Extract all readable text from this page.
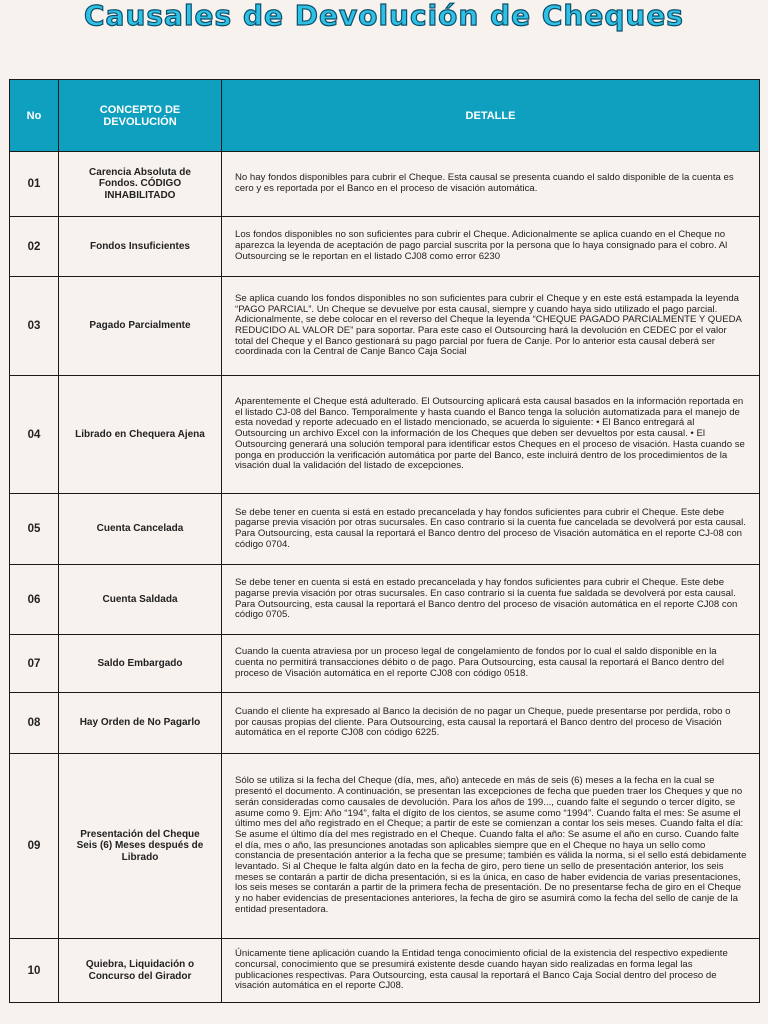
Causales de Devolución de Cheques
No	CONCEPTO DE DEVOLUCIÓN	DETALLE
01	Carencia Absoluta de Fondos. CÓDIGO INHABILITADO	No hay fondos disponibles para cubrir el Cheque. Esta causal se presenta cuando el saldo disponible de la cuenta es cero y es reportada por el Banco en el proceso de visación automática.
02	Fondos Insuficientes	Los fondos disponibles no son suficientes para cubrir el Cheque. Adicionalmente se aplica cuando en el Cheque no aparezca la leyenda de aceptación de pago parcial suscrita por la persona que lo haya consignado para el cobro. Al Outsourcing se le reportan en el listado CJ08 como error 6230
03	Pagado Parcialmente	Se aplica cuando los fondos disponibles no son suficientes para cubrir el Cheque y en este está estampada la leyenda “PAGO PARCIAL”. Un Cheque se devuelve por esta causal, siempre y cuando haya sido utilizado el pago parcial. Adicionalmente, se debe colocar en el reverso del Cheque la leyenda “CHEQUE PAGADO PARCIALMENTE Y QUEDA REDUCIDO AL VALOR DE” para soportar. Para este caso el Outsourcing hará la devolución en CEDEC por el valor total del Cheque y el Banco gestionará su pago parcial por fuera de Canje. Por lo anterior esta causal deberá ser coordinada con la Central de Canje Banco Caja Social
04	Librado en Chequera Ajena	Aparentemente el Cheque está adulterado. El Outsourcing aplicará esta causal basados en la información reportada en el listado CJ-08 del Banco. Temporalmente y hasta cuando el Banco tenga la solución automatizada para el manejo de esta novedad y reporte adecuado en el listado mencionado, se acuerda lo siguiente: • El Banco entregará al Outsourcing un archivo Excel con la información de los Cheques que deben ser devueltos por esta causal. • El Outsourcing generará una solución temporal para identificar estos Cheques en el proceso de visación. Hasta cuando se ponga en producción la verificación automática por parte del Banco, este incluirá dentro de los procedimientos de la visación dual la validación del listado de excepciones.
05	Cuenta Cancelada	Se debe tener en cuenta si está en estado precancelada y hay fondos suficientes para cubrir el Cheque. Este debe pagarse previa visación por otras sucursales. En caso contrario si la cuenta fue cancelada se devolverá por esta causal. Para Outsourcing, esta causal la reportará el Banco dentro del proceso de Visación automática en el reporte CJ-08 con código 0704.
06	Cuenta Saldada	Se debe tener en cuenta si está en estado precancelada y hay fondos suficientes para cubrir el Cheque. Este debe pagarse previa visación por otras sucursales. En caso contrario si la cuenta fue saldada se devolverá por esta causal. Para Outsourcing, esta causal la reportará el Banco dentro del proceso de visación automática en el reporte CJ08 con código 0705.
07	Saldo Embargado	Cuando la cuenta atraviesa por un proceso legal de congelamiento de fondos por lo cual el saldo disponible en la cuenta no permitirá transacciones débito o de pago. Para Outsourcing, esta causal la reportará el Banco dentro del proceso de Visación automática en el reporte CJ08 con código 0518.
08	Hay Orden de No Pagarlo	Cuando el cliente ha expresado al Banco la decisión de no pagar un Cheque, puede presentarse por perdida, robo o por causas propias del cliente. Para Outsourcing, esta causal la reportará el Banco dentro del proceso de Visación automática en el reporte CJ08 con código 6225.
09	Presentación del Cheque Seis (6) Meses después de Librado	Sólo se utiliza si la fecha del Cheque (día, mes, año) antecede en más de seis (6) meses a la fecha en la cual se presentó el documento. A continuación, se presentan las excepciones de fecha que pueden traer los Cheques y que no serán consideradas como causales de devolución. Para los años de 199..., cuando falte el segundo o tercer dígito, se asume como 9. Ejm: Año “194”, falta el dígito de los cientos, se asume como “1994”. Cuando falta el mes: Se asume el último mes del año registrado en el Cheque; a partir de este se comienzan a contar los seis meses. Cuando falta el día: Se asume el último día del mes registrado en el Cheque. Cuando falta el año: Se asume el año en curso. Cuando falte el día, mes o año, las presunciones anotadas son aplicables siempre que en el Cheque no haya un sello como constancia de presentación anterior a la fecha que se presume; también es válida la norma, si el sello está debidamente levantado. Si al Cheque le falta algún dato en la fecha de giro, pero tiene un sello de presentación anterior, los seis meses se contarán a partir de dicha presentación, si es la única, en caso de haber evidencia de varias presentaciones, los seis meses se contarán a partir de la primera fecha de presentación. De no presentarse fecha de giro en el Cheque y no haber evidencias de presentaciones anteriores, la fecha de giro se asumirá como la fecha del sello de canje de la entidad presentadora.
10	Quiebra, Liquidación o Concurso del Girador	Únicamente tiene aplicación cuando la Entidad tenga conocimiento oficial de la existencia del respectivo expediente concursal, conocimiento que se presumirá existente desde cuando hayan sido realizadas en forma legal las publicaciones respectivas. Para Outsourcing, esta causal la reportará el Banco Caja Social dentro del proceso de visación automática en el reporte CJ08.
